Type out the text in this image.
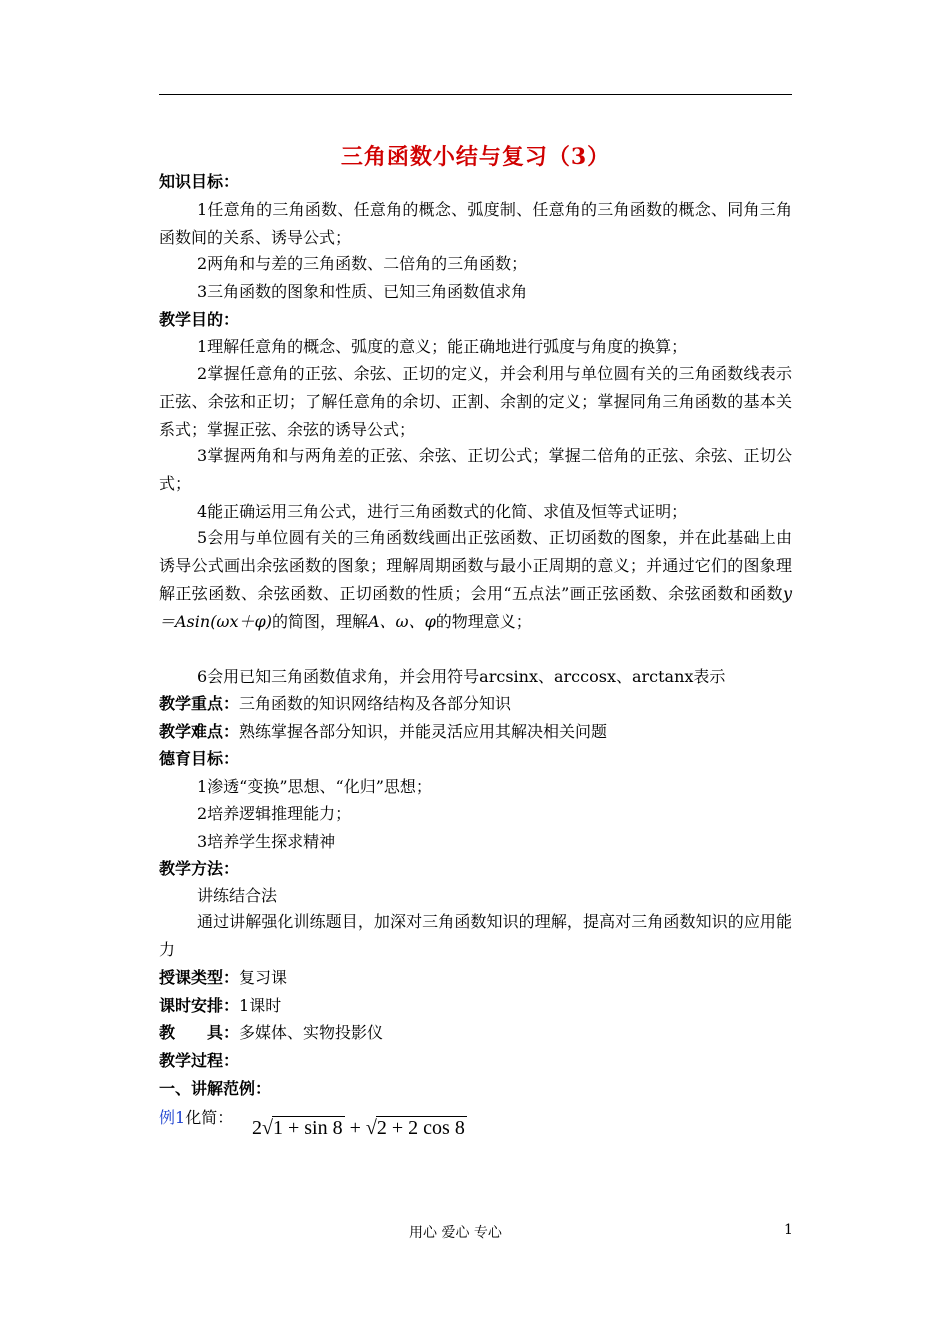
三角函数小结与复习（3）
知识目标：
1任意角的三角函数、任意角的概念、弧度制、任意角的三角函数的概念、同角三角函数间的关系、诱导公式；
2两角和与差的三角函数、二倍角的三角函数；
3三角函数的图象和性质、已知三角函数值求角
教学目的：
1理解任意角的概念、弧度的意义；能正确地进行弧度与角度的换算；
2掌握任意角的正弦、余弦、正切的定义，并会利用与单位圆有关的三角函数线表示正弦、余弦和正切；了解任意角的余切、正割、余割的定义；掌握同角三角函数的基本关系式；掌握正弦、余弦的诱导公式；
3掌握两角和与两角差的正弦、余弦、正切公式；掌握二倍角的正弦、余弦、正切公式；
4能正确运用三角公式，进行三角函数式的化简、求值及恒等式证明；
5会用与单位圆有关的三角函数线画出正弦函数、正切函数的图象，并在此基础上由诱导公式画出余弦函数的图象；理解周期函数与最小正周期的意义；并通过它们的图象理解正弦函数、余弦函数、正切函数的性质；会用“五点法”画正弦函数、余弦函数和函数y＝Asin(ωx＋φ)的简图，理解A、ω、φ的物理意义；
6会用已知三角函数值求角，并会用符号arcsinx、arccosx、arctanx表示
教学重点：三角函数的知识网络结构及各部分知识
教学难点：熟练掌握各部分知识，并能灵活应用其解决相关问题
德育目标：
1渗透“变换”思想、“化归”思想；
2培养逻辑推理能力；
3培养学生探求精神
教学方法：
讲练结合法
通过讲解强化训练题目，加深对三角函数知识的理解，提高对三角函数知识的应用能力
授课类型：复习课
课时安排：1课时
教　　具：多媒体、实物投影仪
教学过程：
一、讲解范例：
例1化简： 2√1 + sin 8 + √2 + 2 cos 8
用心 爱心 专心	1
